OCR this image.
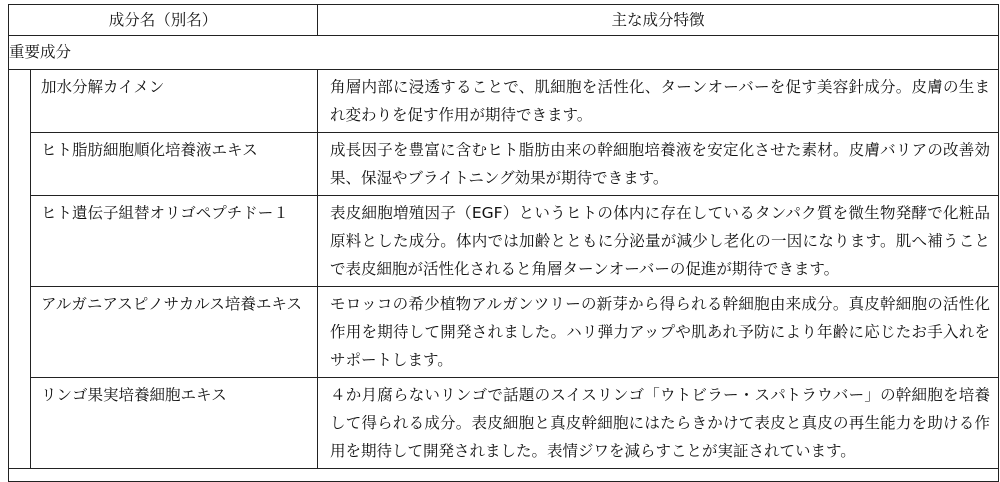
成分名（別名）		主な成分特徴
重要成分		
	加水分解カイメン	角層内部に浸透することで、肌細胞を活性化、ターンオーバーを促す美容針成分。皮膚の生まれ変わりを促す作用が期待できます。
	ヒト脂肪細胞順化培養液エキス	成長因子を豊富に含むヒト脂肪由来の幹細胞培養液を安定化させた素材。皮膚バリアの改善効果、保湿やブライトニング効果が期待できます。
	ヒト遺伝子組替オリゴペプチドー１	表皮細胞増殖因子（EGF）というヒトの体内に存在しているタンパク質を微生物発酵で化粧品原料とした成分。体内では加齢とともに分泌量が減少し老化の一因になります。肌へ補うことで表皮細胞が活性化されると角層ターンオーバーの促進が期待できます。
	アルガニアスピノサカルス培養エキス	モロッコの希少植物アルガンツリーの新芽から得られる幹細胞由来成分。真皮幹細胞の活性化作用を期待して開発されました。ハリ弾力アップや肌あれ予防により年齢に応じたお手入れをサポートします。
	リンゴ果実培養細胞エキス	４か月腐らないリンゴで話題のスイスリンゴ「ウトビラー・スパトラウバー」の幹細胞を培養して得られる成分。表皮細胞と真皮幹細胞にはたらきかけて表皮と真皮の再生能力を助ける作用を期待して開発されました。表情ジワを減らすことが実証されています。
